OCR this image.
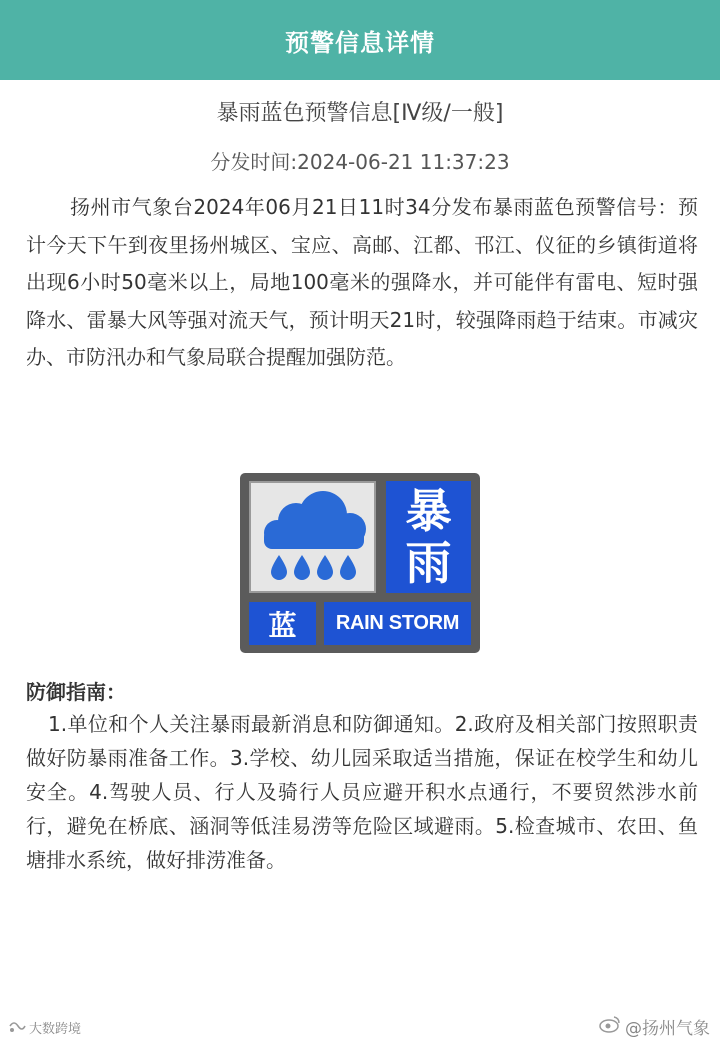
预警信息详情
暴雨蓝色预警信息[Ⅳ级/一般]
分发时间:2024-06-21 11:37:23
扬州市气象台2024年06月21日11时34分发布暴雨蓝色预警信号：预计今天下午到夜里扬州城区、宝应、高邮、江都、邗江、仪征的乡镇街道将出现6小时50毫米以上，局地100毫米的强降水，并可能伴有雷电、短时强降水、雷暴大风等强对流天气，预计明天21时，较强降雨趋于结束。市减灾办、市防汛办和气象局联合提醒加强防范。
暴
雨
蓝	RAIN STORM
防御指南：
1.单位和个人关注暴雨最新消息和防御通知。2.政府及相关部门按照职责做好防暴雨准备工作。3.学校、幼儿园采取适当措施，保证在校学生和幼儿安全。4.驾驶人员、行人及骑行人员应避开积水点通行，不要贸然涉水前行，避免在桥底、涵洞等低洼易涝等危险区域避雨。5.检查城市、农田、鱼塘排水系统，做好排涝准备。
大数跨境	@扬州气象
